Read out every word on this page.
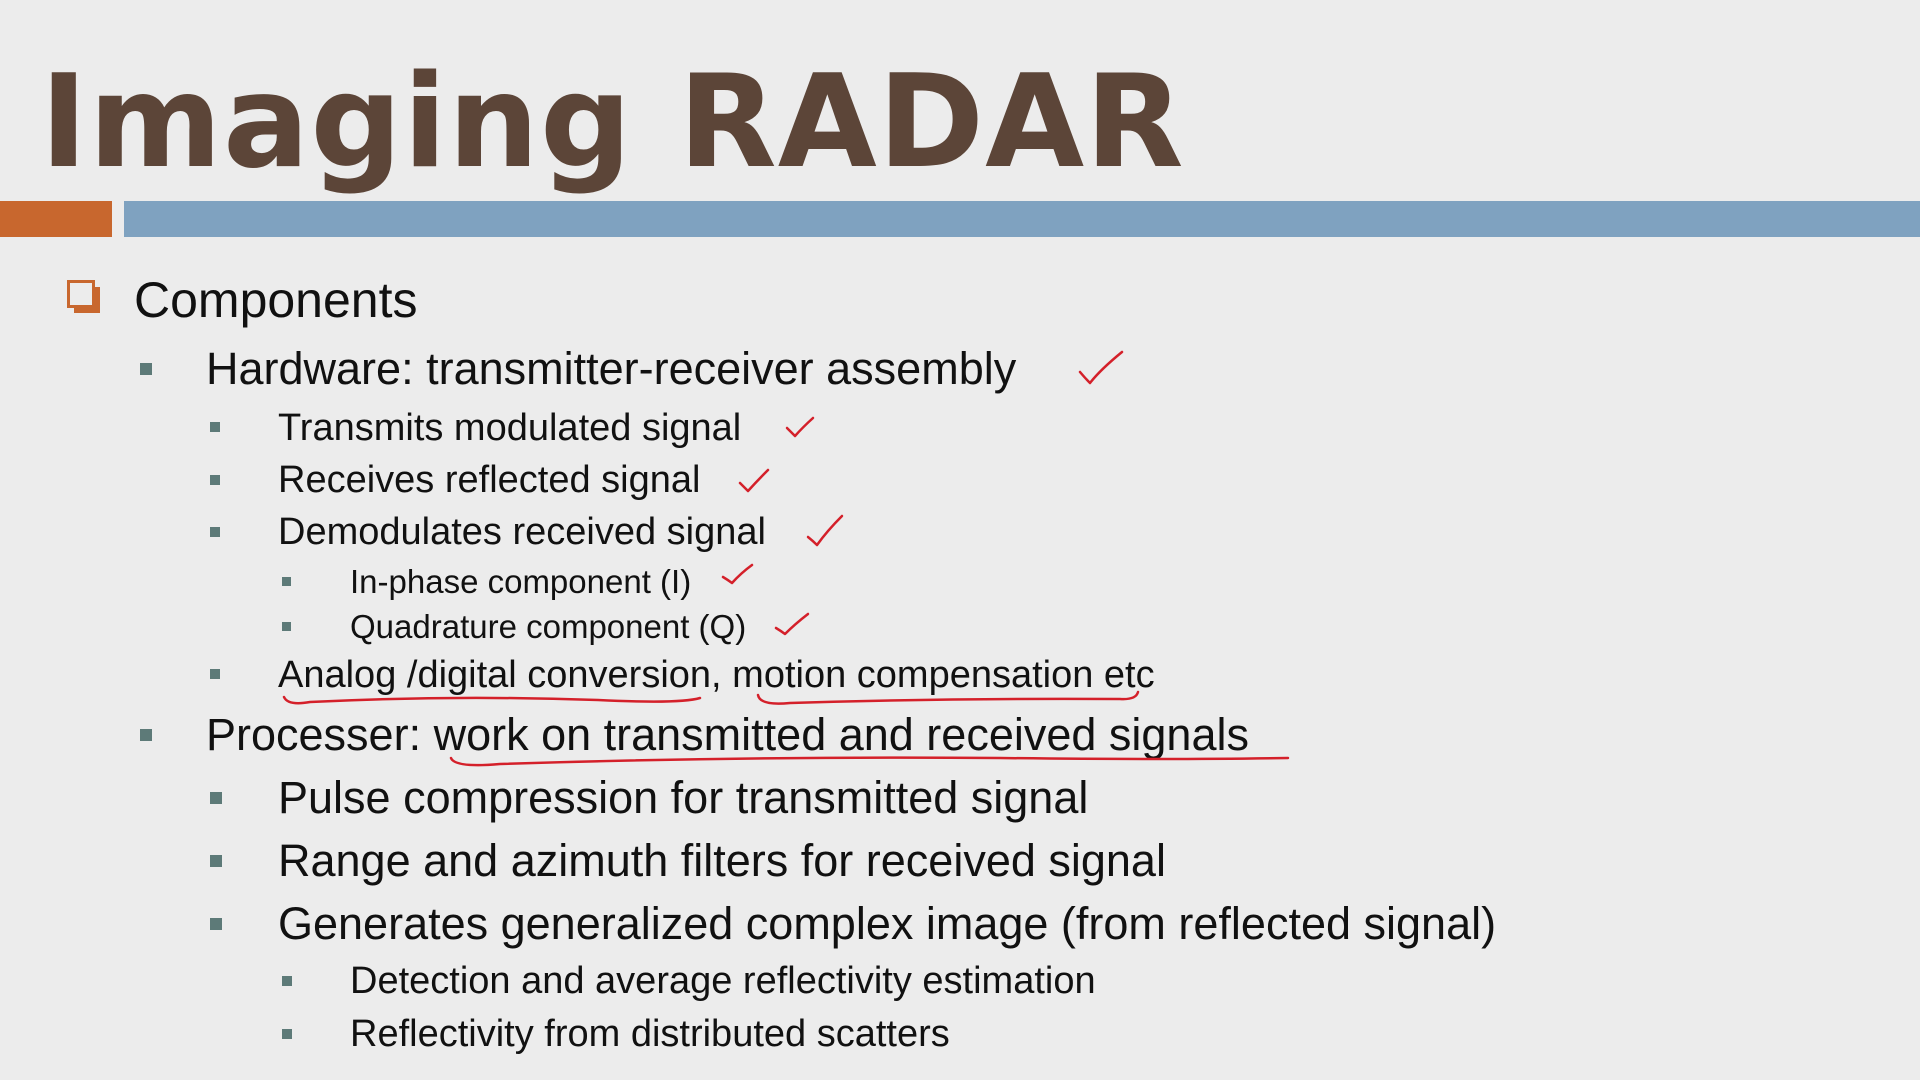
Imaging RADAR
Components
Hardware: transmitter-receiver assembly
Transmits modulated signal
Receives reflected signal
Demodulates received signal
In-phase component (I)
Quadrature component (Q)
Analog /digital conversion, motion compensation etc
Processer: work on transmitted and received signals
Pulse compression for transmitted signal
Range and azimuth filters for received signal
Generates generalized complex image (from reflected signal)
Detection and average reflectivity estimation
Reflectivity from distributed scatters
